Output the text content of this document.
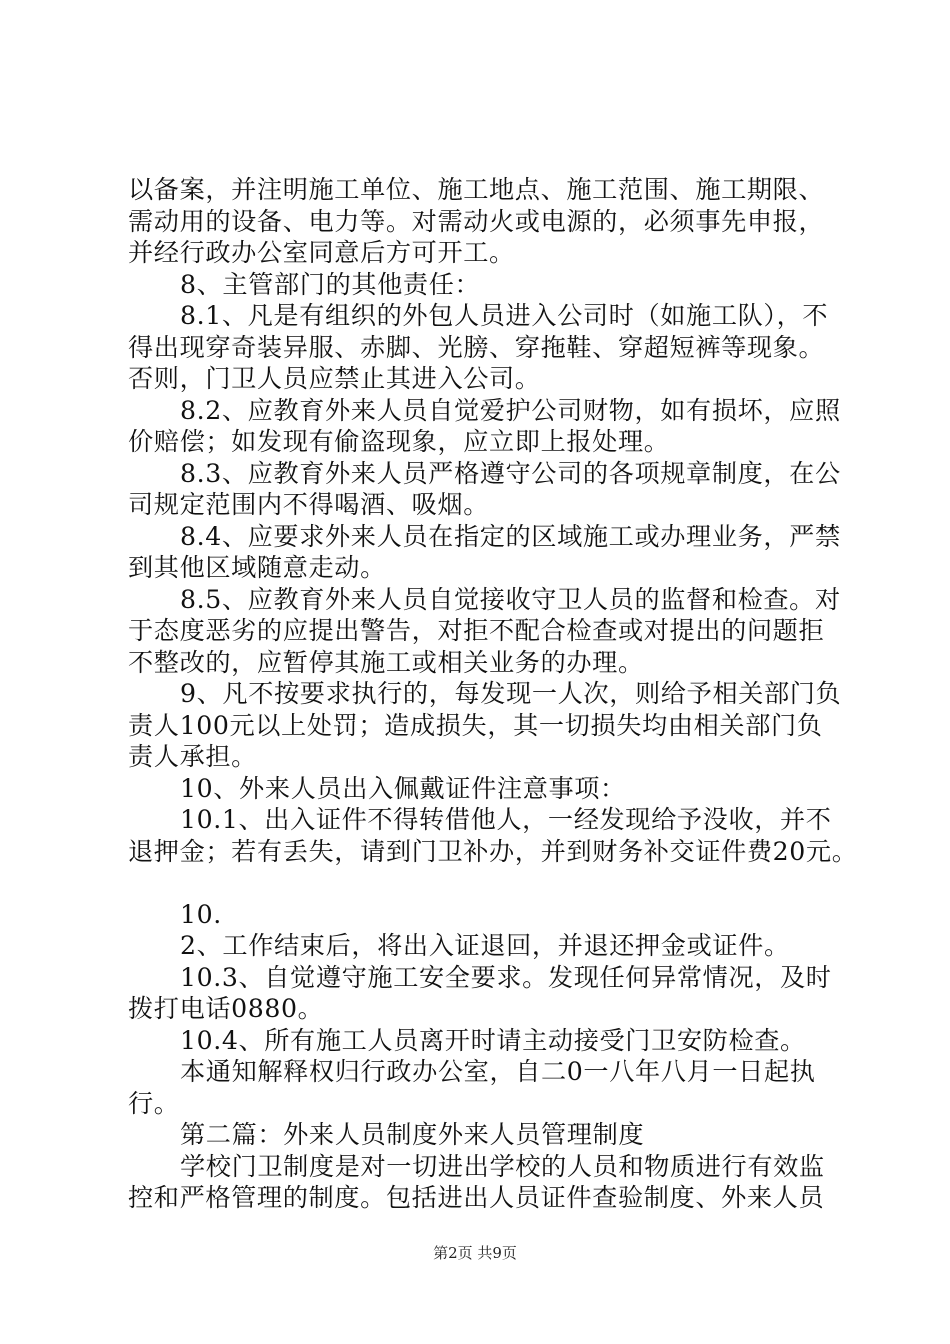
以备案，并注明施工单位、施工地点、施工范围、施工期限、
需动用的设备、电力等。对需动火或电源的，必须事先申报，
并经行政办公室同意后方可开工。
8、主管部门的其他责任：
8.1、凡是有组织的外包人员进入公司时（如施工队），不
得出现穿奇装异服、赤脚、光膀、穿拖鞋、穿超短裤等现象。
否则，门卫人员应禁止其进入公司。
8.2、应教育外来人员自觉爱护公司财物，如有损坏，应照
价赔偿；如发现有偷盗现象，应立即上报处理。
8.3、应教育外来人员严格遵守公司的各项规章制度，在公
司规定范围内不得喝酒、吸烟。
8.4、应要求外来人员在指定的区域施工或办理业务，严禁
到其他区域随意走动。
8.5、应教育外来人员自觉接收守卫人员的监督和检查。对
于态度恶劣的应提出警告，对拒不配合检查或对提出的问题拒
不整改的，应暂停其施工或相关业务的办理。
9、凡不按要求执行的，每发现一人次，则给予相关部门负
责人100元以上处罚；造成损失，其一切损失均由相关部门负
责人承担。
10、外来人员出入佩戴证件注意事项：
10.1、出入证件不得转借他人，一经发现给予没收，并不
退押金；若有丢失，请到门卫补办，并到财务补交证件费20元。
10.
2、工作结束后，将出入证退回，并退还押金或证件。
10.3、自觉遵守施工安全要求。发现任何异常情况，及时
拨打电话0880。
10.4、所有施工人员离开时请主动接受门卫安防检查。
本通知解释权归行政办公室，自二0一八年八月一日起执
行。
第二篇：外来人员制度外来人员管理制度
学校门卫制度是对一切进出学校的人员和物质进行有效监
控和严格管理的制度。包括进出人员证件查验制度、外来人员
第2页 共9页
